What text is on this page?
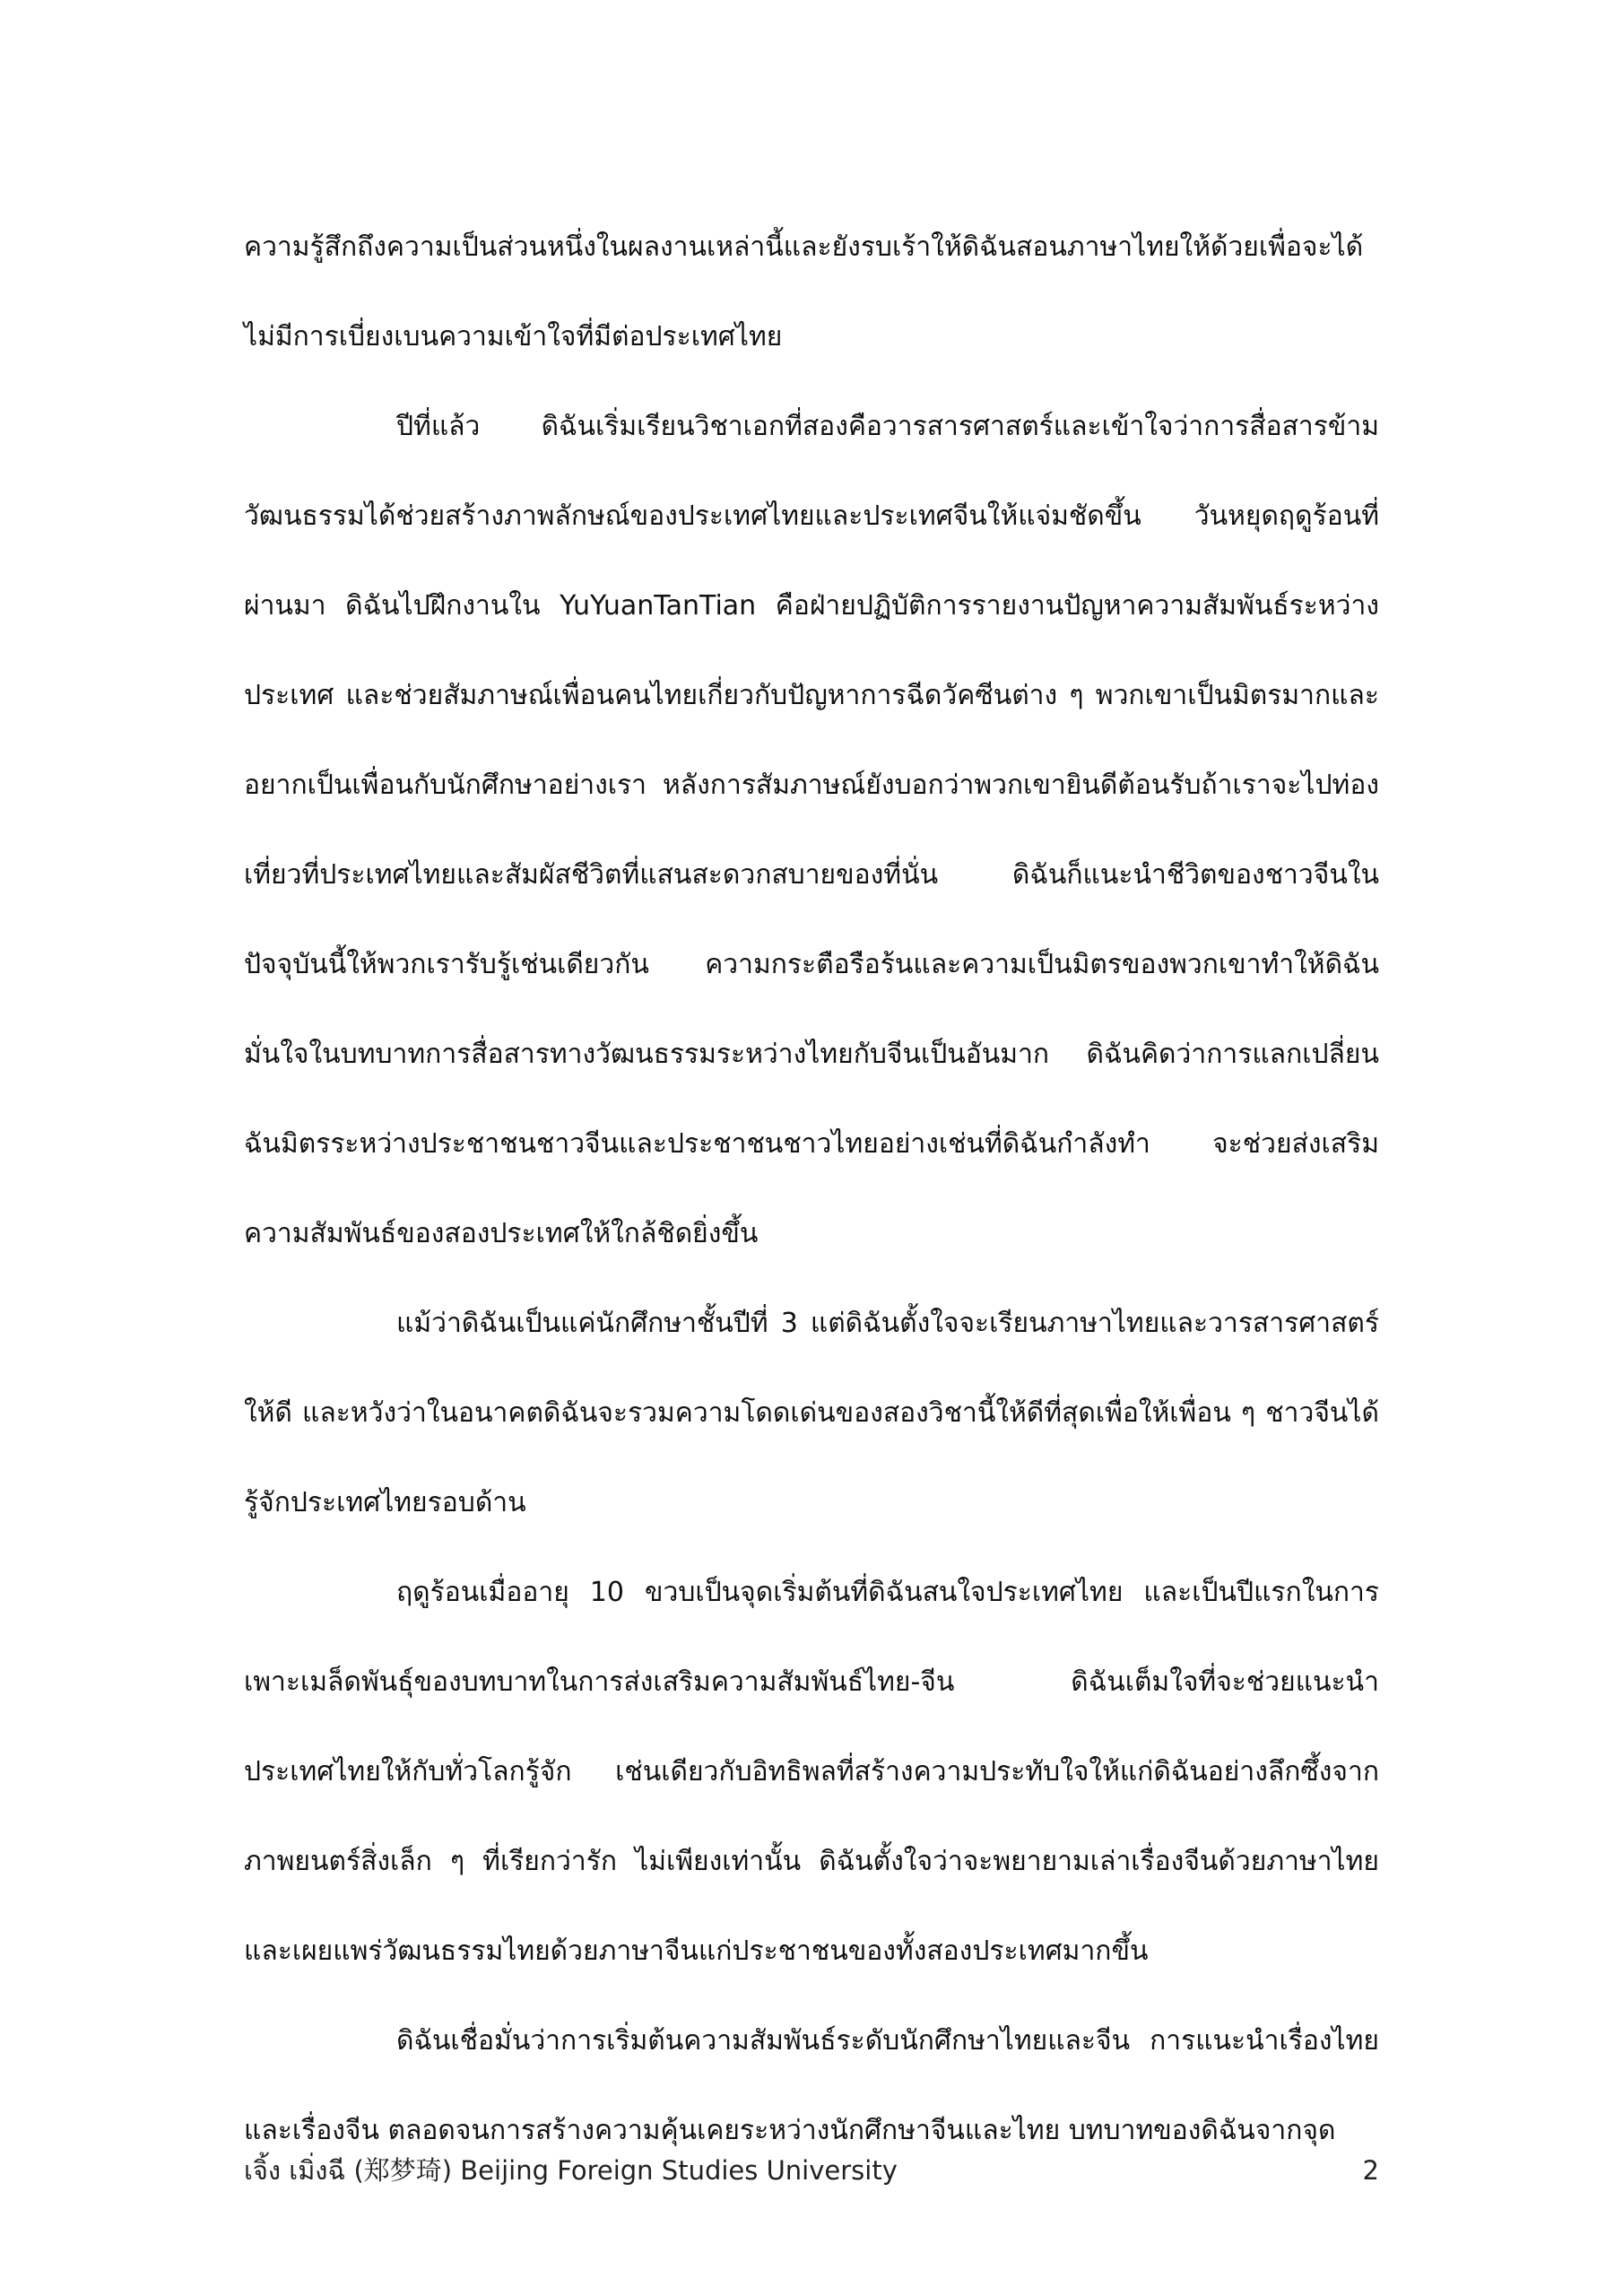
ความรู้สึกถึงความเป็นส่วนหนึ่งในผลงานเหล่านี้และยังรบเร้าให้ดิฉันสอนภาษาไทยให้ด้วยเพื่อจะได้ไม่มีการเบี่ยงเบนความเข้าใจที่มีต่อประเทศไทย

ปีที่แล้ว ดิฉันเริ่มเรียนวิชาเอกที่สองคือวารสารศาสตร์และเข้าใจว่าการสื่อสารข้ามวัฒนธรรมได้ช่วยสร้างภาพลักษณ์ของประเทศไทยและประเทศจีนให้แจ่มชัดขึ้น วันหยุดฤดูร้อนที่ผ่านมา ดิฉันไปฝึกงานใน YuYuanTanTian คือฝ่ายปฏิบัติการรายงานปัญหาความสัมพันธ์ระหว่างประเทศ และช่วยสัมภาษณ์เพื่อนคนไทยเกี่ยวกับปัญหาการฉีดวัคซีนต่าง ๆ พวกเขาเป็นมิตรมากและอยากเป็นเพื่อนกับนักศึกษาอย่างเรา หลังการสัมภาษณ์ยังบอกว่าพวกเขายินดีต้อนรับถ้าเราจะไปท่องเที่ยวที่ประเทศไทยและสัมผัสชีวิตที่แสนสะดวกสบายของที่นั่น ดิฉันก็แนะนำชีวิตของชาวจีนในปัจจุบันนี้ให้พวกเรารับรู้เช่นเดียวกัน ความกระตือรือร้นและความเป็นมิตรของพวกเขาทำให้ดิฉันมั่นใจในบทบาทการสื่อสารทางวัฒนธรรมระหว่างไทยกับจีนเป็นอันมาก ดิฉันคิดว่าการแลกเปลี่ยนฉันมิตรระหว่างประชาชนชาวจีนและประชาชนชาวไทยอย่างเช่นที่ดิฉันกำลังทำ จะช่วยส่งเสริมความสัมพันธ์ของสองประเทศให้ใกล้ชิดยิ่งขึ้น

แม้ว่าดิฉันเป็นแค่นักศึกษาชั้นปีที่ 3 แต่ดิฉันตั้งใจจะเรียนภาษาไทยและวารสารศาสตร์ให้ดี และหวังว่าในอนาคตดิฉันจะรวมความโดดเด่นของสองวิชานี้ให้ดีที่สุดเพื่อให้เพื่อน ๆ ชาวจีนได้รู้จักประเทศไทยรอบด้าน

ฤดูร้อนเมื่ออายุ 10 ขวบเป็นจุดเริ่มต้นที่ดิฉันสนใจประเทศไทย และเป็นปีแรกในการเพาะเมล็ดพันธุ์ของบทบาทในการส่งเสริมความสัมพันธ์ไทย-จีน ดิฉันเต็มใจที่จะช่วยแนะนำประเทศไทยให้กับทั่วโลกรู้จัก เช่นเดียวกับอิทธิพลที่สร้างความประทับใจให้แก่ดิฉันอย่างลึกซึ้งจากภาพยนตร์สิ่งเล็ก ๆ ที่เรียกว่ารัก ไม่เพียงเท่านั้น ดิฉันตั้งใจว่าจะพยายามเล่าเรื่องจีนด้วยภาษาไทยและเผยแพร่วัฒนธรรมไทยด้วยภาษาจีนแก่ประชาชนของทั้งสองประเทศมากขึ้น

ดิฉันเชื่อมั่นว่าการเริ่มต้นความสัมพันธ์ระดับนักศึกษาไทยและจีน การแนะนำเรื่องไทยและเรื่องจีน ตลอดจนการสร้างความคุ้นเคยระหว่างนักศึกษาจีนและไทย บทบาทของดิฉันจากจุด

เจิ้ง เมิ่งฉี (郑梦琦) Beijing Foreign Studies University	2
